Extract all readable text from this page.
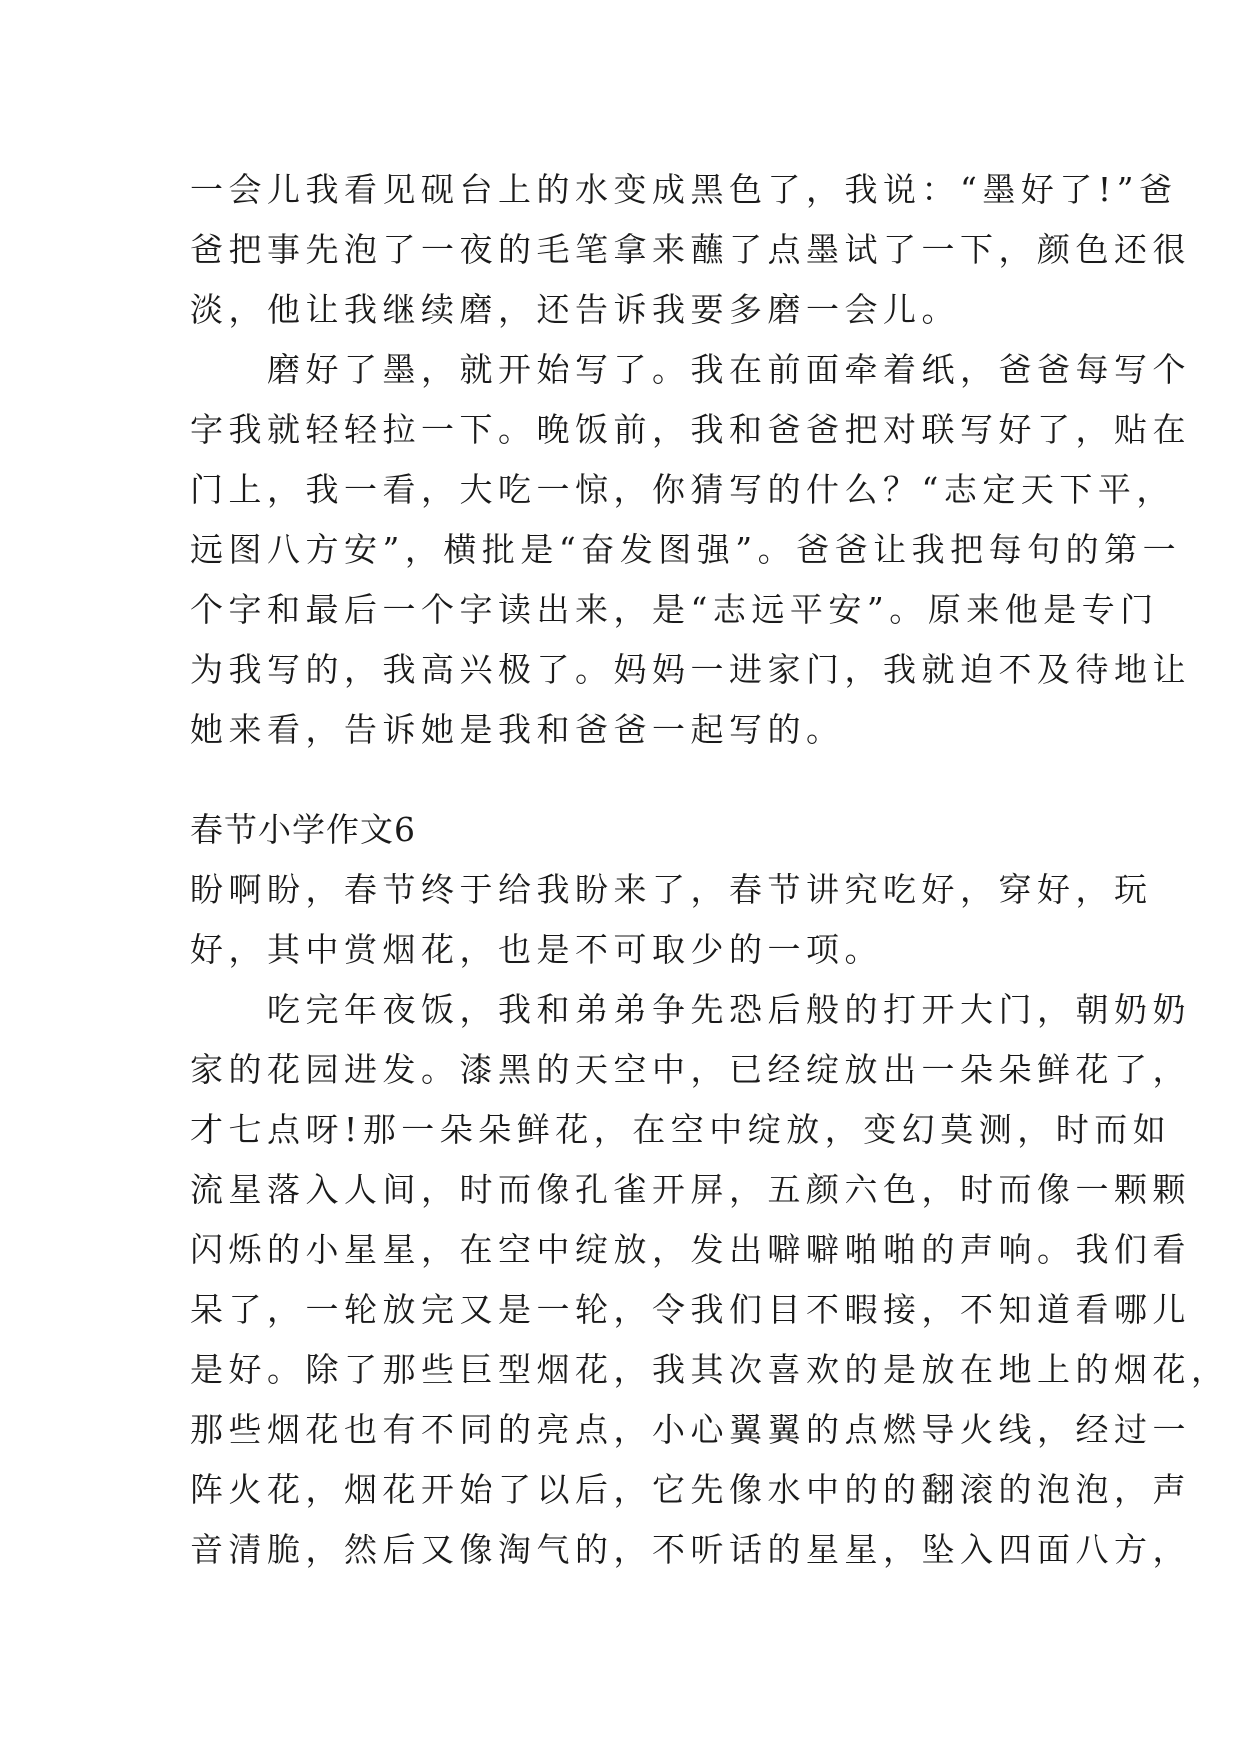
一会儿我看见砚台上的水变成黑色了，我说：“墨好了!”爸
爸把事先泡了一夜的毛笔拿来蘸了点墨试了一下，颜色还很
淡，他让我继续磨，还告诉我要多磨一会儿。
　　磨好了墨，就开始写了。我在前面牵着纸，爸爸每写个
字我就轻轻拉一下。晚饭前，我和爸爸把对联写好了，贴在
门上，我一看，大吃一惊，你猜写的什么？“志定天下平，
远图八方安”，横批是“奋发图强”。爸爸让我把每句的第一
个字和最后一个字读出来，是“志远平安”。原来他是专门
为我写的，我高兴极了。妈妈一进家门，我就迫不及待地让
她来看，告诉她是我和爸爸一起写的。
春节小学作文6
盼啊盼，春节终于给我盼来了，春节讲究吃好，穿好，玩
好，其中赏烟花，也是不可取少的一项。
　　吃完年夜饭，我和弟弟争先恐后般的打开大门，朝奶奶
家的花园进发。漆黑的天空中，已经绽放出一朵朵鲜花了，
才七点呀!那一朵朵鲜花，在空中绽放，变幻莫测，时而如
流星落入人间，时而像孔雀开屏，五颜六色，时而像一颗颗
闪烁的小星星，在空中绽放，发出噼噼啪啪的声响。我们看
呆了，一轮放完又是一轮，令我们目不暇接，不知道看哪儿
是好。除了那些巨型烟花，我其次喜欢的是放在地上的烟花，
那些烟花也有不同的亮点，小心翼翼的点燃导火线，经过一
阵火花，烟花开始了以后，它先像水中的的翻滚的泡泡，声
音清脆，然后又像淘气的，不听话的星星，坠入四面八方，
